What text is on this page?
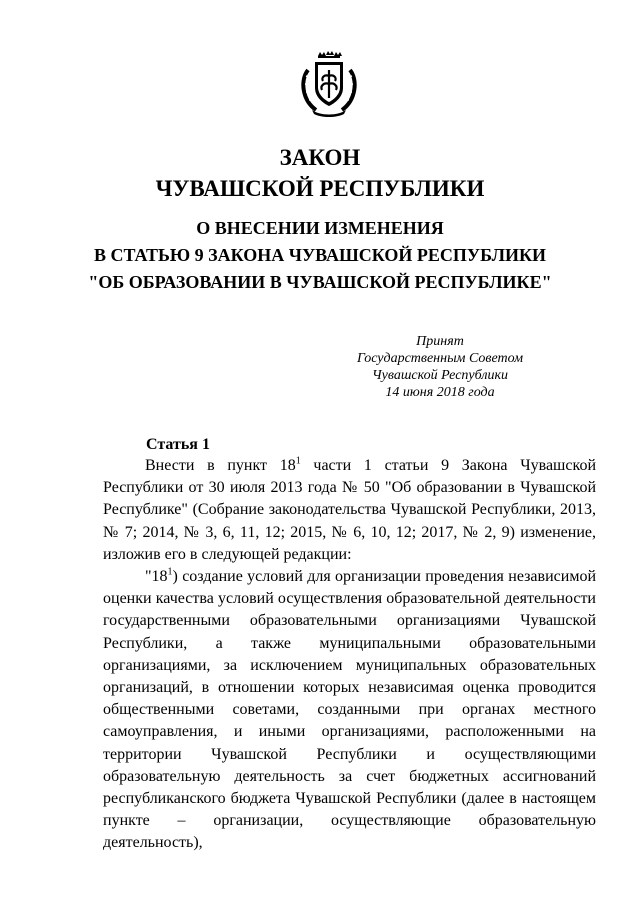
ЗАКОН
ЧУВАШСКОЙ РЕСПУБЛИКИ
О ВНЕСЕНИИ ИЗМЕНЕНИЯ
В СТАТЬЮ 9 ЗАКОНА ЧУВАШСКОЙ РЕСПУБЛИКИ
"ОБ ОБРАЗОВАНИИ В ЧУВАШСКОЙ РЕСПУБЛИКЕ"
Принят
Государственным Советом
Чувашской Республики
14 июня 2018 года
Статья 1

Внести в пункт $18^1$ части 1 статьи 9 Закона Чувашской Республики от 30 июля 2013 года № 50 "Об образовании в Чувашской Республике" (Собрание законодательства Чувашской Республики, 2013, № 7; 2014, № 3, 6, 11, 12; 2015, № 6, 10, 12; 2017, № 2, 9) изменение, изложив его в следующей редакции:

"$18^1$) создание условий для организации проведения независимой оценки качества условий осуществления образовательной деятельности государственными образовательными организациями Чувашской Республики, а также муниципальными образовательными организациями, за исключением муниципальных образовательных организаций, в отношении которых независимая оценка проводится общественными советами, созданными при органах местного самоуправления, и иными организациями, расположенными на территории Чувашской Республики и осуществляющими образовательную деятельность за счет бюджетных ассигнований республиканского бюджета Чувашской Республики (далее в настоящем пункте – организации, осуществляющие образовательную деятельность),
